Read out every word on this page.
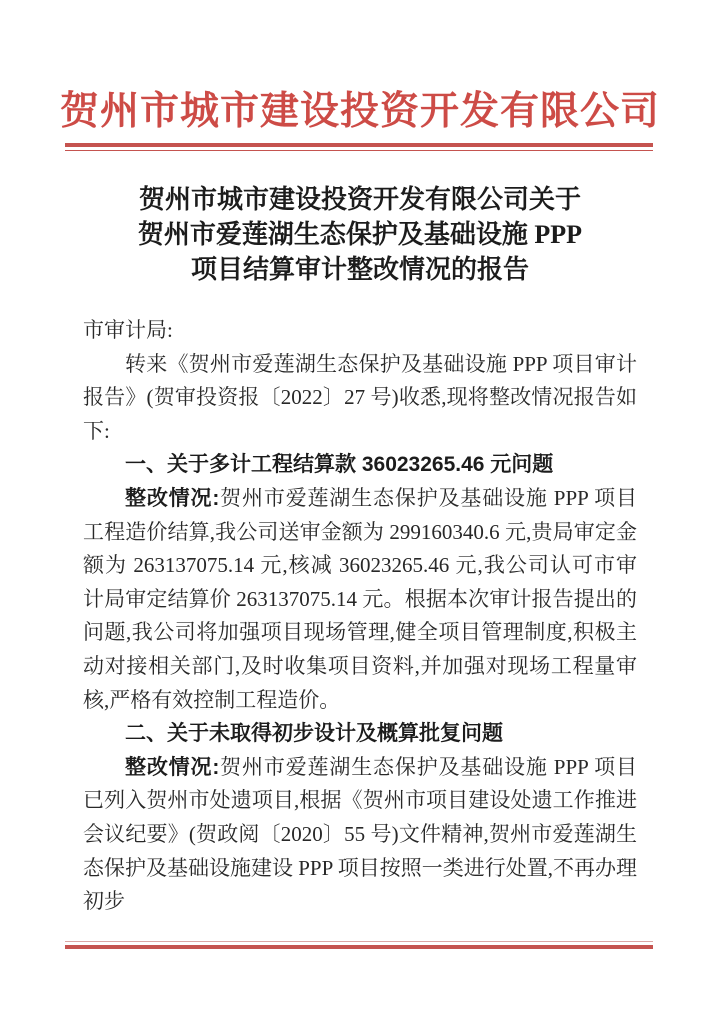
贺州市城市建设投资开发有限公司
贺州市城市建设投资开发有限公司关于
贺州市爱莲湖生态保护及基础设施 PPP
项目结算审计整改情况的报告

市审计局:

转来《贺州市爱莲湖生态保护及基础设施 PPP 项目审计报告》(贺审投资报〔2022〕27 号)收悉,现将整改情况报告如下:

一、关于多计工程结算款 36023265.46 元问题

整改情况:贺州市爱莲湖生态保护及基础设施 PPP 项目工程造价结算,我公司送审金额为 299160340.6 元,贵局审定金额为 263137075.14 元,核减 36023265.46 元,我公司认可市审计局审定结算价 263137075.14 元。根据本次审计报告提出的问题,我公司将加强项目现场管理,健全项目管理制度,积极主动对接相关部门,及时收集项目资料,并加强对现场工程量审核,严格有效控制工程造价。

二、关于未取得初步设计及概算批复问题

整改情况:贺州市爱莲湖生态保护及基础设施 PPP 项目已列入贺州市处遗项目,根据《贺州市项目建设处遗工作推进会议纪要》(贺政阅〔2020〕55 号)文件精神,贺州市爱莲湖生态保护及基础设施建设 PPP 项目按照一类进行处置,不再办理初步
